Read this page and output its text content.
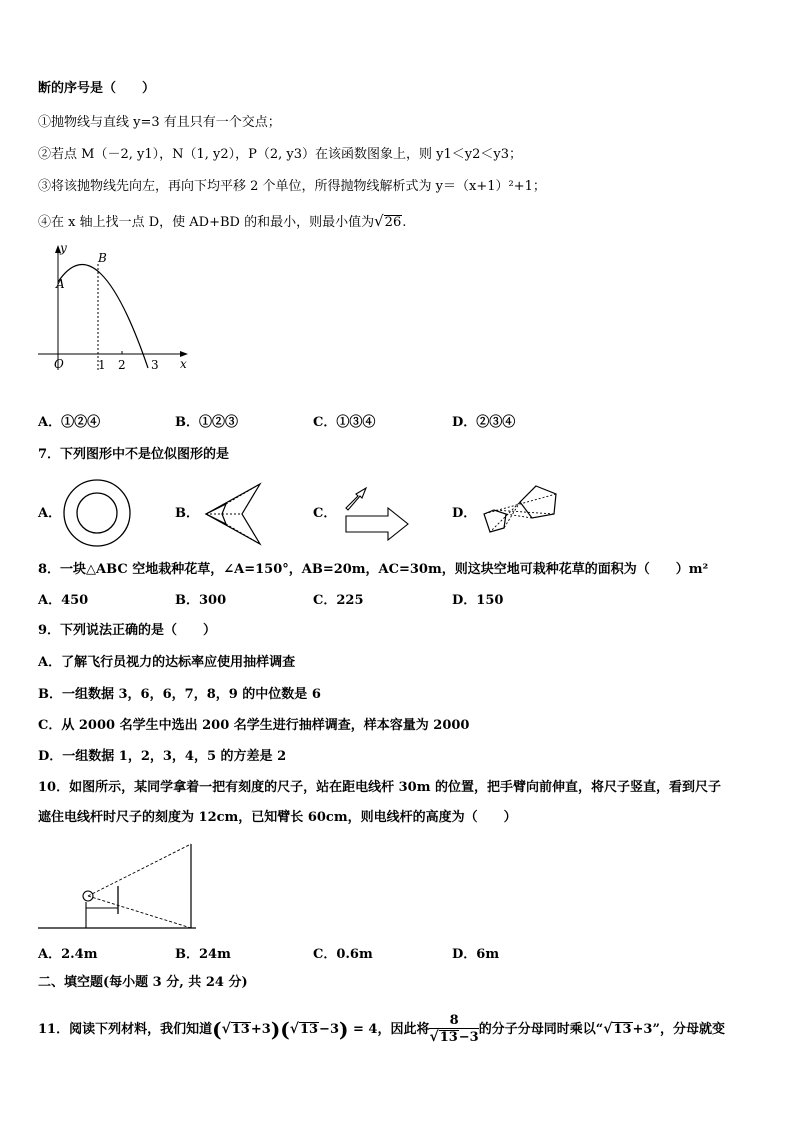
断的序号是（　　）
①抛物线与直线 y=3 有且只有一个交点；
②若点 M（－2, y1），N（1, y2），P（2, y3）在该函数图象上，则 y1＜y2＜y3；
③将该抛物线先向左，再向下均平移 2 个单位，所得抛物线解析式为 y＝（x+1）²+1；
④在 x 轴上找一点 D，使 AD+BD 的和最小，则最小值为√26.
y
x
O
A
B
1 2 3
A．①②④	B．①②③	C．①③④	D．②③④
7．下列图形中不是位似图形的是
A．	B．	C．	D．
8．一块△ABC 空地栽种花草，∠A=150°，AB=20m，AC=30m，则这块空地可栽种花草的面积为（　　）m²
A．450	B．300	C．225	D．150
9．下列说法正确的是（　　）
A．了解飞行员视力的达标率应使用抽样调查
B．一组数据 3，6，6，7，8，9 的中位数是 6
C．从 2000 名学生中选出 200 名学生进行抽样调查，样本容量为 2000
D．一组数据 1，2，3，4，5 的方差是 2
10．如图所示，某同学拿着一把有刻度的尺子，站在距电线杆 30m 的位置，把手臂向前伸直，将尺子竖直，看到尺子
遮住电线杆时尺子的刻度为 12cm，已知臂长 60cm，则电线杆的高度为（　　）
A．2.4m	B．24m	C．0.6m	D．6m
二、填空题(每小题 3 分, 共 24 分)
11．阅读下列材料，我们知道(√13+3)(√13−3) = 4，因此将 $\frac{8}{√13-3}$ 的分子分母同时乘以“√13+3”，分母就变
